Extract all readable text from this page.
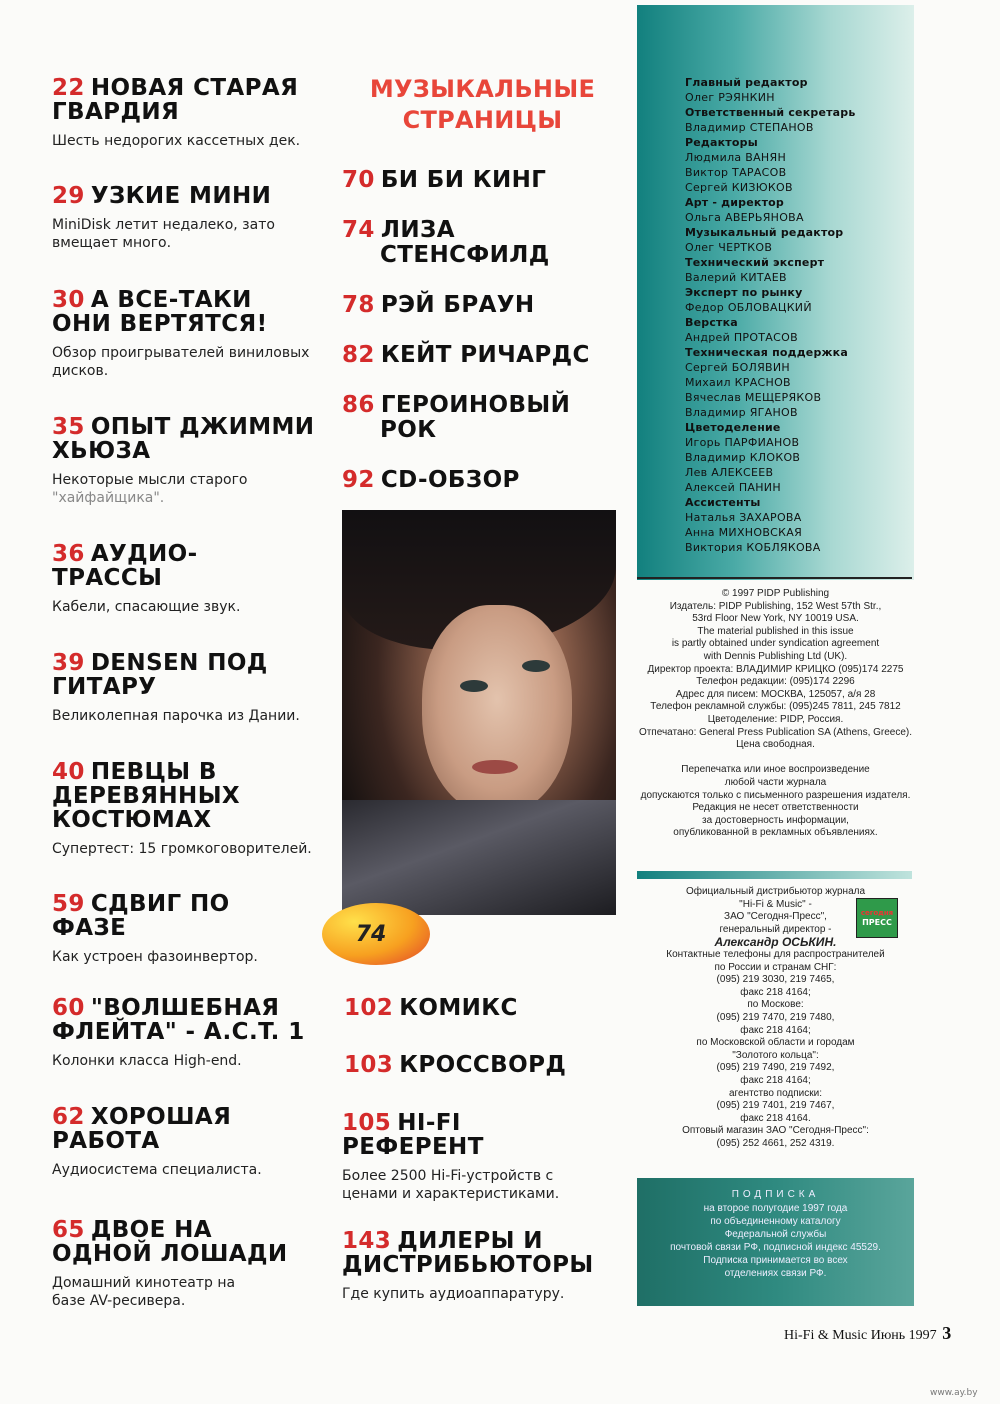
22 НОВАЯ СТАРАЯ ГВАРДИЯ
Шесть недорогих кассетных дек.
29 УЗКИЕ МИНИ
MiniDisk летит недалеко, зато вмещает много.
30 А ВСЕ-ТАКИ ОНИ ВЕРТЯТСЯ!
Обзор проигрывателей виниловых дисков.
35 ОПЫТ ДЖИММИ ХЬЮЗА
Некоторые мысли старого
"хайфайщика".
36 АУДИО- ТРАССЫ
Кабели, спасающие звук.
39 DENSEN ПОД ГИТАРУ
Великолепная парочка из Дании.
40 ПЕВЦЫ В ДЕРЕВЯННЫХ КОСТЮМАХ
Супертест: 15 громкоговорителей.
59 СДВИГ ПО ФАЗЕ
Как устроен фазоинвертор.
60 "ВОЛШЕБНАЯ ФЛЕЙТА" - A.C.T. 1
Колонки класса High-end.
62 ХОРОШАЯ РАБОТА
Аудиосистема специалиста.
65 ДВОЕ НА ОДНОЙ ЛОШАДИ
Домашний кинотеатр на базе AV-ресивера.
МУЗЫКАЛЬНЫЕ СТРАНИЦЫ
70 БИ БИ КИНГ
74 ЛИЗА
СТЕНСФИЛД
78 РЭЙ БРАУН
82 КЕЙТ РИЧАРДС
86 ГЕРОИНОВЫЙ
РОК
92 CD-ОБЗОР
74
102 КОМИКС
103 КРОССВОРД
105 HI-FI РЕФЕРЕНТ
Более 2500 Hi-Fi-устройств с ценами и характеристиками.
143 ДИЛЕРЫ И ДИСТРИБЬЮТОРЫ
Где купить аудиоаппаратуру.
Главный редактор
Олег РЭЯНКИН
Ответственный секретарь
Владимир СТЕПАНОВ
Редакторы
Людмила ВАНЯН
Виктор ТАРАСОВ
Сергей КИЗЮКОВ
Арт - директор
Ольга АВЕРЬЯНОВА
Музыкальный редактор
Олег ЧЕРТКОВ
Технический эксперт
Валерий КИТАЕВ
Эксперт по рынку
Федор ОБЛОВАЦКИЙ
Верстка
Андрей ПРОТАСОВ
Техническая поддержка
Сергей БОЛЯВИН
Михаил КРАСНОВ
Вячеслав МЕЩЕРЯКОВ
Владимир ЯГАНОВ
Цветоделение
Игорь ПАРФИАНОВ
Владимир КЛОКОВ
Лев АЛЕКСЕЕВ
Алексей ПАНИН
Ассистенты
Наталья ЗАХАРОВА
Анна МИХНОВСКАЯ
Виктория КОБЛЯКОВА

© 1997 PIDP Publishing

Издатель: PIDP Publishing, 152 West 57th Str.,

53rd Floor New York, NY 10019 USA.

The material published in this issue

is partly obtained under syndication agreement

with Dennis Publishing Ltd (UK).

Директор проекта: ВЛАДИМИР КРИЦКО (095)174 2275

Телефон редакции: (095)174 2296

Адрес для писем: МОСКВА, 125057, а/я 28

Телефон рекламной службы: (095)245 7811, 245 7812

Цветоделение: PIDP, Россия.

Отпечатано: General Press Publication SA (Athens, Greece).

Цена свободная.

Перепечатка или иное воспроизведение

любой части журнала

допускаются только с письменного разрешения издателя.

Редакция не несет ответственности

за достоверность информации,

опубликованной в рекламных объявлениях.

Официальный дистрибьютор журнала

"Hi-Fi & Music" -

ЗАО "Сегодня-Пресс",

генеральный директор -

Александр ОСЬКИН.

Контактные телефоны для распространителей

по России и странам СНГ:

(095) 219 3030, 219 7465,

факс 218 4164;

по Москове:

(095) 219 7470, 219 7480,

факс 218 4164;

по Московской области и городам

"Золотого кольца":

(095) 219 7490, 219 7492,

факс 218 4164;

агентство подписки:

(095) 219 7401, 219 7467,

факс 218 4164.

Оптовый магазин ЗАО "Сегодня-Пресс":

(095) 252 4661, 252 4319.

сегодня
ПРЕСС

ПОДПИСКА

на второе полугодие 1997 года

по объединенному каталогу

Федеральной службы

почтовой связи РФ, подписной индекс 45529.

Подписка принимается во всех

отделениях связи РФ.

Hi-Fi & Music Июнь 1997 3
www.ay.by
